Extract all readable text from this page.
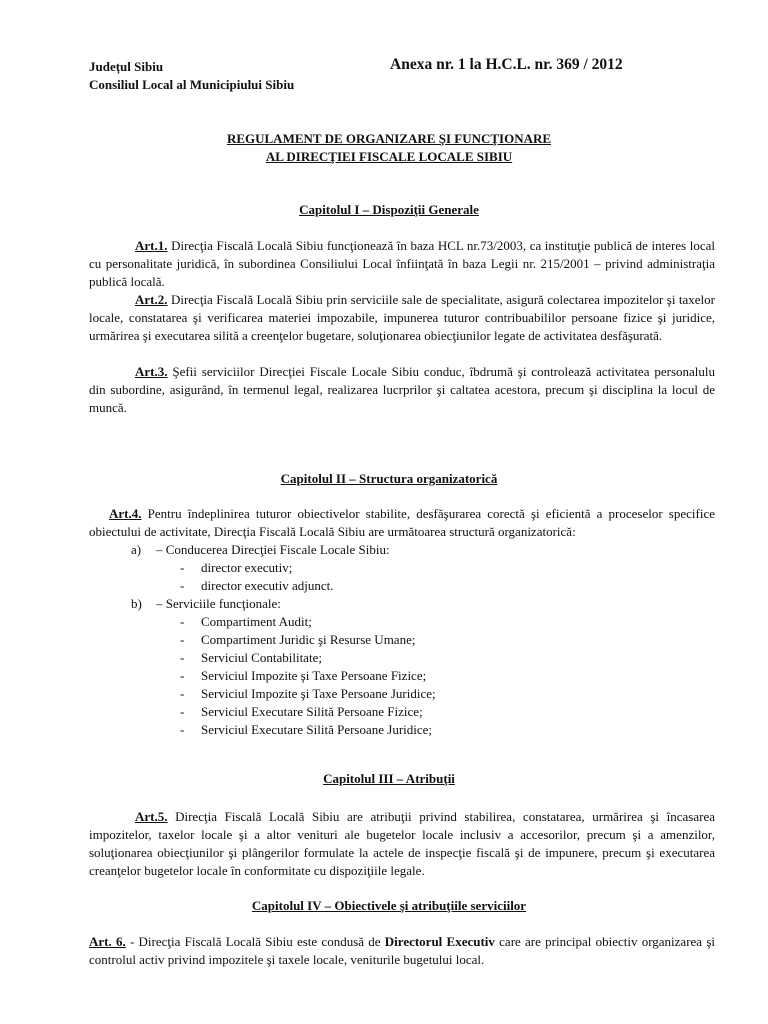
Județul Sibiu
Consiliul Local al Municipiului Sibiu
Anexa nr. 1 la H.C.L. nr. 369 / 2012
REGULAMENT DE ORGANIZARE ŞI FUNCŢIONARE
AL DIRECŢIEI FISCALE LOCALE SIBIU
Capitolul I – Dispoziţii Generale
Art.1. Direcţia Fiscală Locală Sibiu funcţionează în baza HCL nr.73/2003, ca instituţie publică de interes local cu personalitate juridică, în subordinea Consiliului Local înfiinţată în baza Legii nr. 215/2001 – privind administraţia publică locală.
Art.2. Direcţia Fiscală Locală Sibiu prin serviciile sale de specialitate, asigură colectarea impozitelor şi taxelor locale, constatarea şi verificarea materiei impozabile, impunerea tuturor contribuabililor persoane fizice şi juridice, urmărirea şi executarea silită a creenţelor bugetare, soluţionarea obiecţiunilor legate de activitatea desfăşurată.
Art.3. Şefii serviciilor Direcţiei Fiscale Locale Sibiu conduc, îbdrumă şi controlează activitatea personalulu din subordine, asigurând, în termenul legal, realizarea lucrprilor şi caltatea acestora, precum şi disciplina la locul de muncă.
Capitolul II – Structura organizatorică
Art.4. Pentru îndeplinirea tuturor obiectivelor stabilite, desfăşurarea corectă şi eficientă a proceselor specifice obiectului de activitate, Direcţia Fiscală Locală Sibiu are următoarea structură organizatorică:
a) – Conducerea Direcţiei Fiscale Locale Sibiu:
- director executiv;
- director executiv adjunct.
b) – Serviciile funcţionale:
- Compartiment Audit;
- Compartiment Juridic şi Resurse Umane;
- Serviciul Contabilitate;
- Serviciul Impozite şi Taxe Persoane Fizice;
- Serviciul Impozite şi Taxe Persoane Juridice;
- Serviciul Executare Silită Persoane Fizice;
- Serviciul Executare Silită Persoane Juridice;
Capitolul III – Atribuţii
Art.5. Direcţia Fiscală Locală Sibiu are atribuţii privind stabilirea, constatarea, urmărirea şi încasarea impozitelor, taxelor locale şi a altor venituri ale bugetelor locale inclusiv a accesorilor, precum şi a amenzilor, soluţionarea obiecţiunilor şi plângerilor formulate la actele de inspecţie fiscală şi de impunere, precum şi executarea creanţelor bugetelor locale în conformitate cu dispoziţiile legale.
Capitolul IV – Obiectivele şi atribuţiile serviciilor
Art. 6. - Direcţia Fiscală Locală Sibiu este condusă de Directorul Executiv care are principal obiectiv organizarea şi controlul activ privind impozitele şi taxele locale, veniturile bugetului local.
